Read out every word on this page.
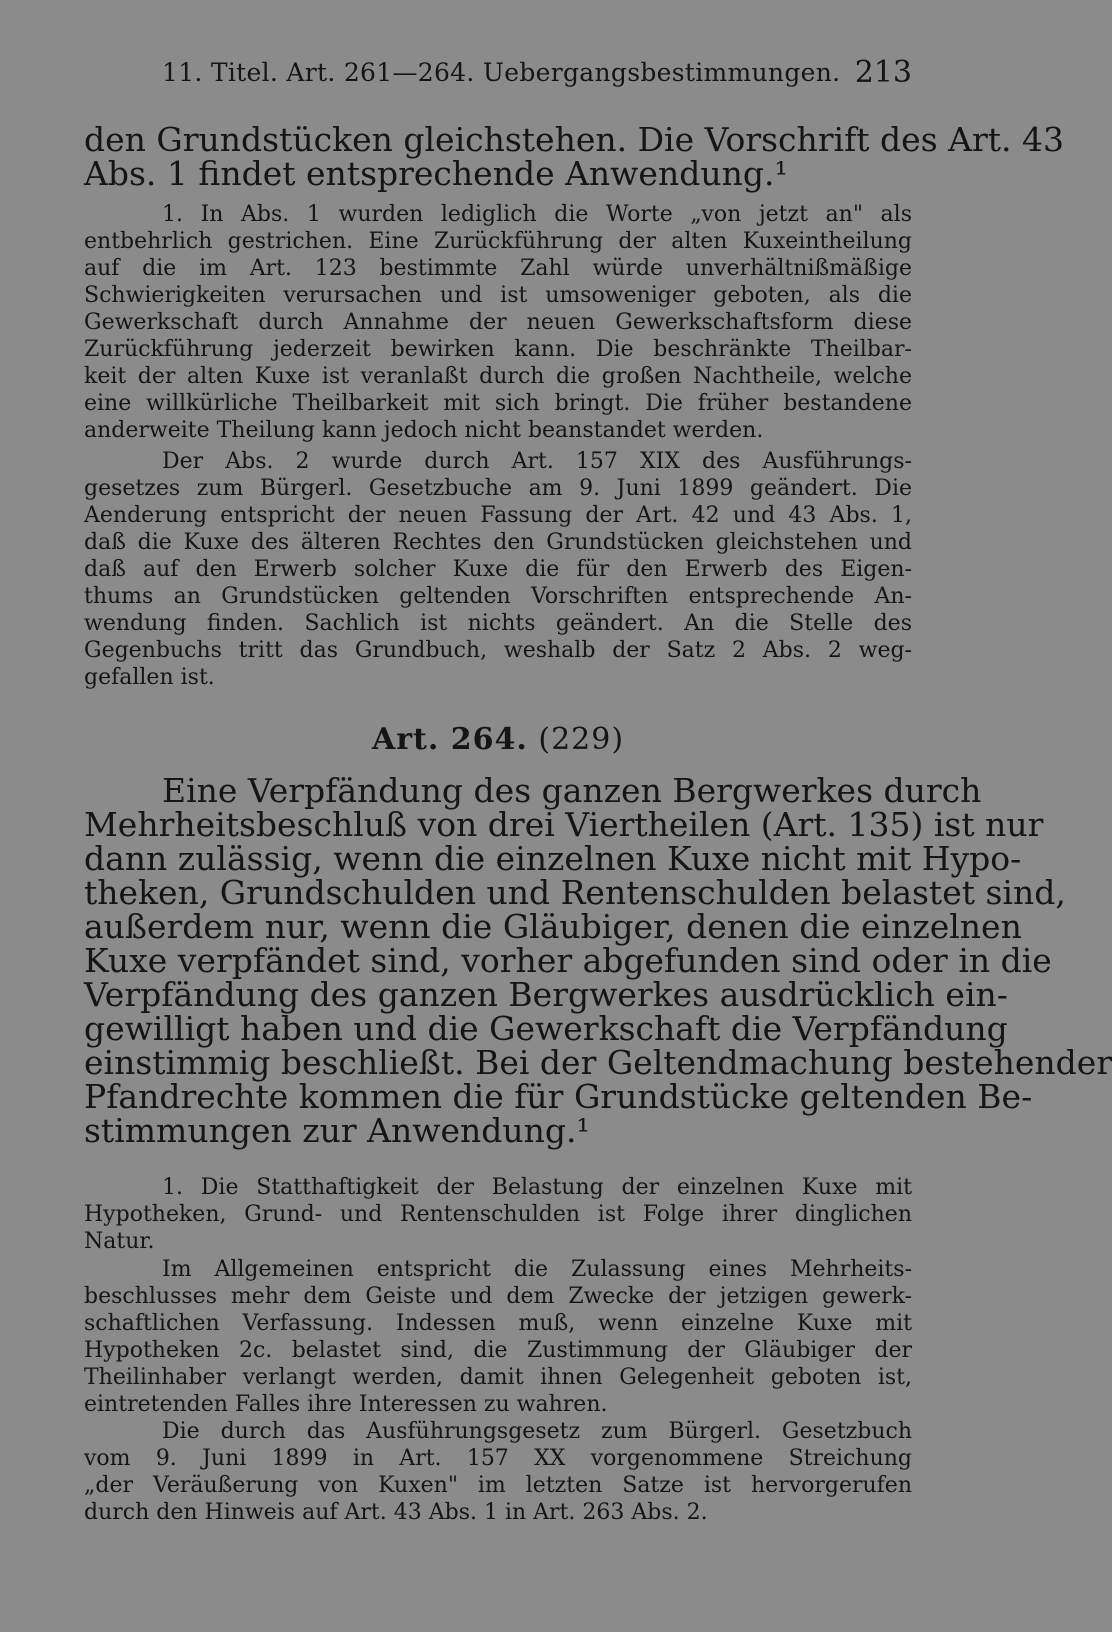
11. Titel. Art. 261—264. Uebergangsbestimmungen. 213
den Grundstücken gleichstehen. Die Vorschrift des Art. 43
Abs. 1 findet entsprechende Anwendung.¹
1. In Abs. 1 wurden lediglich die Worte „von jetzt an" als
entbehrlich gestrichen. Eine Zurückführung der alten Kuxeintheilung
auf die im Art. 123 bestimmte Zahl würde unverhältnißmäßige
Schwierigkeiten verursachen und ist umsoweniger geboten, als die
Gewerkschaft durch Annahme der neuen Gewerkschaftsform diese
Zurückführung jederzeit bewirken kann. Die beschränkte Theilbar-
keit der alten Kuxe ist veranlaßt durch die großen Nachtheile, welche
eine willkürliche Theilbarkeit mit sich bringt. Die früher bestandene
anderweite Theilung kann jedoch nicht beanstandet werden.
Der Abs. 2 wurde durch Art. 157 XIX des Ausführungs-
gesetzes zum Bürgerl. Gesetzbuche am 9. Juni 1899 geändert. Die
Aenderung entspricht der neuen Fassung der Art. 42 und 43 Abs. 1,
daß die Kuxe des älteren Rechtes den Grundstücken gleichstehen und
daß auf den Erwerb solcher Kuxe die für den Erwerb des Eigen-
thums an Grundstücken geltenden Vorschriften entsprechende An-
wendung finden. Sachlich ist nichts geändert. An die Stelle des
Gegenbuchs tritt das Grundbuch, weshalb der Satz 2 Abs. 2 weg-
gefallen ist.
Art. 264. (229)
Eine Verpfändung des ganzen Bergwerkes durch
Mehrheitsbeschluß von drei Viertheilen (Art. 135) ist nur
dann zulässig, wenn die einzelnen Kuxe nicht mit Hypo-
theken, Grundschulden und Rentenschulden belastet sind,
außerdem nur, wenn die Gläubiger, denen die einzelnen
Kuxe verpfändet sind, vorher abgefunden sind oder in die
Verpfändung des ganzen Bergwerkes ausdrücklich ein-
gewilligt haben und die Gewerkschaft die Verpfändung
einstimmig beschließt. Bei der Geltendmachung bestehender
Pfandrechte kommen die für Grundstücke geltenden Be-
stimmungen zur Anwendung.¹
1. Die Statthaftigkeit der Belastung der einzelnen Kuxe mit
Hypotheken, Grund- und Rentenschulden ist Folge ihrer dinglichen
Natur.
Im Allgemeinen entspricht die Zulassung eines Mehrheits-
beschlusses mehr dem Geiste und dem Zwecke der jetzigen gewerk-
schaftlichen Verfassung. Indessen muß, wenn einzelne Kuxe mit
Hypotheken 2c. belastet sind, die Zustimmung der Gläubiger der
Theilinhaber verlangt werden, damit ihnen Gelegenheit geboten ist,
eintretenden Falles ihre Interessen zu wahren.
Die durch das Ausführungsgesetz zum Bürgerl. Gesetzbuch
vom 9. Juni 1899 in Art. 157 XX vorgenommene Streichung
„der Veräußerung von Kuxen" im letzten Satze ist hervorgerufen
durch den Hinweis auf Art. 43 Abs. 1 in Art. 263 Abs. 2.
